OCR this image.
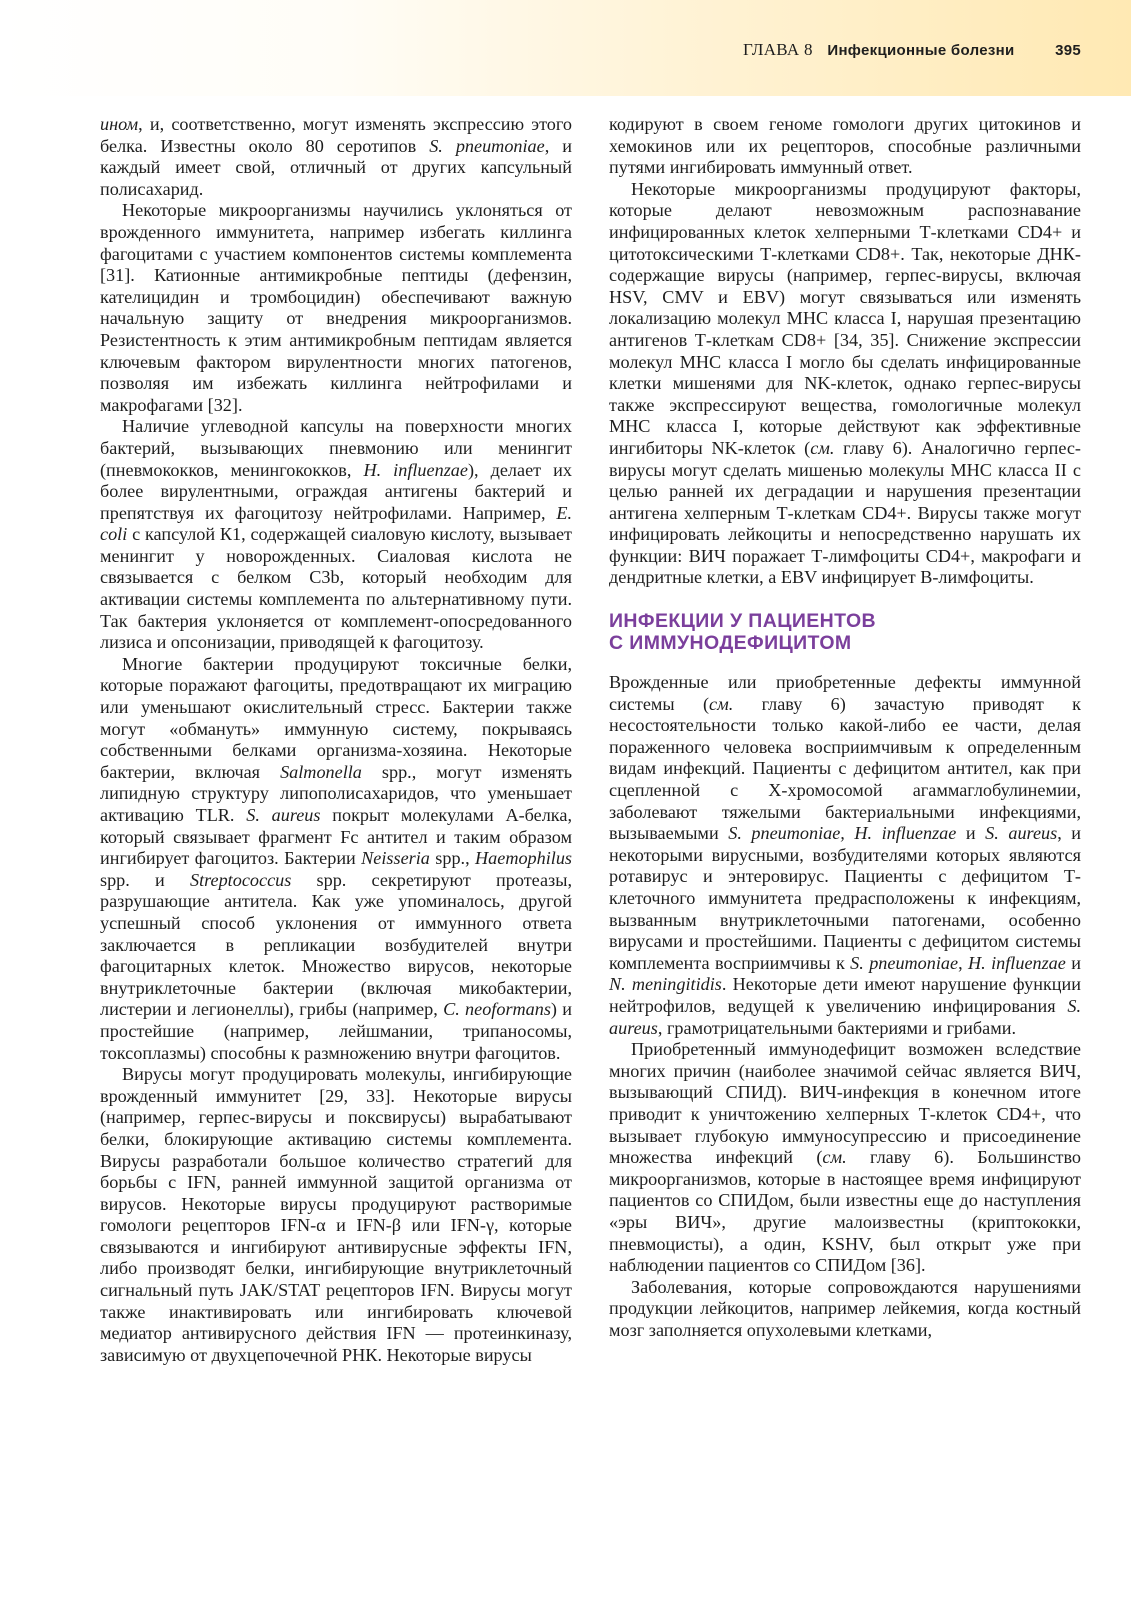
ГЛАВА 8 Инфекционные болезни	395

ином, и, соответственно, могут изменять экспрессию этого белка. Известны около 80 серотипов S. pneumoniae, и каждый имеет свой, отличный от других капсульный полисахарид.

Некоторые микроорганизмы научились уклоняться от врожденного иммунитета, например избегать киллинга фагоцитами с участием компонентов системы комплемента [31]. Катионные антимикробные пептиды (дефензин, кателицидин и тромбоцидин) обеспечивают важную начальную защиту от внедрения микроорганизмов. Резистентность к этим антимикробным пептидам является ключевым фактором вирулентности многих патогенов, позволяя им избежать киллинга нейтрофилами и макрофагами [32].

Наличие углеводной капсулы на поверхности многих бактерий, вызывающих пневмонию или менингит (пневмококков, менингококков, H. influenzae), делает их более вирулентными, ограждая антигены бактерий и препятствуя их фагоцитозу нейтрофилами. Например, E. coli с капсулой К1, содержащей сиаловую кислоту, вызывает менингит у новорожденных. Сиаловая кислота не связывается с белком C3b, который необходим для активации системы комплемента по альтернативному пути. Так бактерия уклоняется от комплемент-опосредованного лизиса и опсонизации, приводящей к фагоцитозу.

Многие бактерии продуцируют токсичные белки, которые поражают фагоциты, предотвращают их миграцию или уменьшают окислительный стресс. Бактерии также могут «обмануть» иммунную систему, покрываясь собственными белками организма-хозяина. Некоторые бактерии, включая Salmonella spp., могут изменять липидную структуру липополисахаридов, что уменьшает активацию TLR. S. aureus покрыт молекулами A-белка, который связывает фрагмент Fc антител и таким образом ингибирует фагоцитоз. Бактерии Neisseria spp., Haemophilus spp. и Streptococcus spp. секретируют протеазы, разрушающие антитела. Как уже упоминалось, другой успешный способ уклонения от иммунного ответа заключается в репликации возбудителей внутри фагоцитарных клеток. Множество вирусов, некоторые внутриклеточные бактерии (включая микобактерии, листерии и легионеллы), грибы (например, C. neoformans) и простейшие (например, лейшмании, трипаносомы, токсоплазмы) способны к размножению внутри фагоцитов.

Вирусы могут продуцировать молекулы, ингибирующие врожденный иммунитет [29, 33]. Некоторые вирусы (например, герпес-вирусы и поксвирусы) вырабатывают белки, блокирующие активацию системы комплемента. Вирусы разработали большое количество стратегий для борьбы с IFN, ранней иммунной защитой организма от вирусов. Некоторые вирусы продуцируют растворимые гомологи рецепторов IFN-α и IFN-β или IFN-γ, которые связываются и ингибируют антивирусные эффекты IFN, либо производят белки, ингибирующие внутриклеточный сигнальный путь JAK/STAT рецепторов IFN. Вирусы могут также инактивировать или ингибировать ключевой медиатор антивирусного действия IFN — протеинкиназу, зависимую от двухцепочечной РНК. Некоторые вирусы

кодируют в своем геноме гомологи других цитокинов и хемокинов или их рецепторов, способные различными путями ингибировать иммунный ответ.

Некоторые микроорганизмы продуцируют факторы, которые делают невозможным распознавание инфицированных клеток хелперными Т-клетками CD4+ и цитотоксическими Т-клетками CD8+. Так, некоторые ДНК-содержащие вирусы (например, герпес-вирусы, включая HSV, CMV и EBV) могут связываться или изменять локализацию молекул MHC класса I, нарушая презентацию антигенов Т-клеткам CD8+ [34, 35]. Снижение экспрессии молекул MHC класса I могло бы сделать инфицированные клетки мишенями для NK-клеток, однако герпес-вирусы также экспрессируют вещества, гомологичные молекул MHC класса I, которые действуют как эффективные ингибиторы NK-клеток (см. главу 6). Аналогично герпес-вирусы могут сделать мишенью молекулы MHC класса II с целью ранней их деградации и нарушения презентации антигена хелперным Т-клеткам CD4+. Вирусы также могут инфицировать лейкоциты и непосредственно нарушать их функции: ВИЧ поражает Т-лимфоциты CD4+, макрофаги и дендритные клетки, а EBV инфицирует В-лимфоциты.

ИНФЕКЦИИ У ПАЦИЕНТОВ
С ИММУНОДЕФИЦИТОМ

Врожденные или приобретенные дефекты иммунной системы (см. главу 6) зачастую приводят к несостоятельности только какой-либо ее части, делая пораженного человека восприимчивым к определенным видам инфекций. Пациенты с дефицитом антител, как при сцепленной с X-хромосомой агаммаглобулинемии, заболевают тяжелыми бактериальными инфекциями, вызываемыми S. pneumoniae, H. influenzae и S. aureus, и некоторыми вирусными, возбудителями которых являются ротавирус и энтеровирус. Пациенты с дефицитом Т-клеточного иммунитета предрасположены к инфекциям, вызванным внутриклеточными патогенами, особенно вирусами и простейшими. Пациенты с дефицитом системы комплемента восприимчивы к S. pneumoniae, H. influenzae и N. meningitidis. Некоторые дети имеют нарушение функции нейтрофилов, ведущей к увеличению инфицирования S. aureus, грамотрицательными бактериями и грибами.

Приобретенный иммунодефицит возможен вследствие многих причин (наиболее значимой сейчас является ВИЧ, вызывающий СПИД). ВИЧ-инфекция в конечном итоге приводит к уничтожению хелперных Т-клеток CD4+, что вызывает глубокую иммуносупрессию и присоединение множества инфекций (см. главу 6). Большинство микроорганизмов, которые в настоящее время инфицируют пациентов со СПИДом, были известны еще до наступления «эры ВИЧ», другие малоизвестны (криптококки, пневмоцисты), а один, KSHV, был открыт уже при наблюдении пациентов со СПИДом [36].

Заболевания, которые сопровождаются нарушениями продукции лейкоцитов, например лейкемия, когда костный мозг заполняется опухолевыми клетками,
